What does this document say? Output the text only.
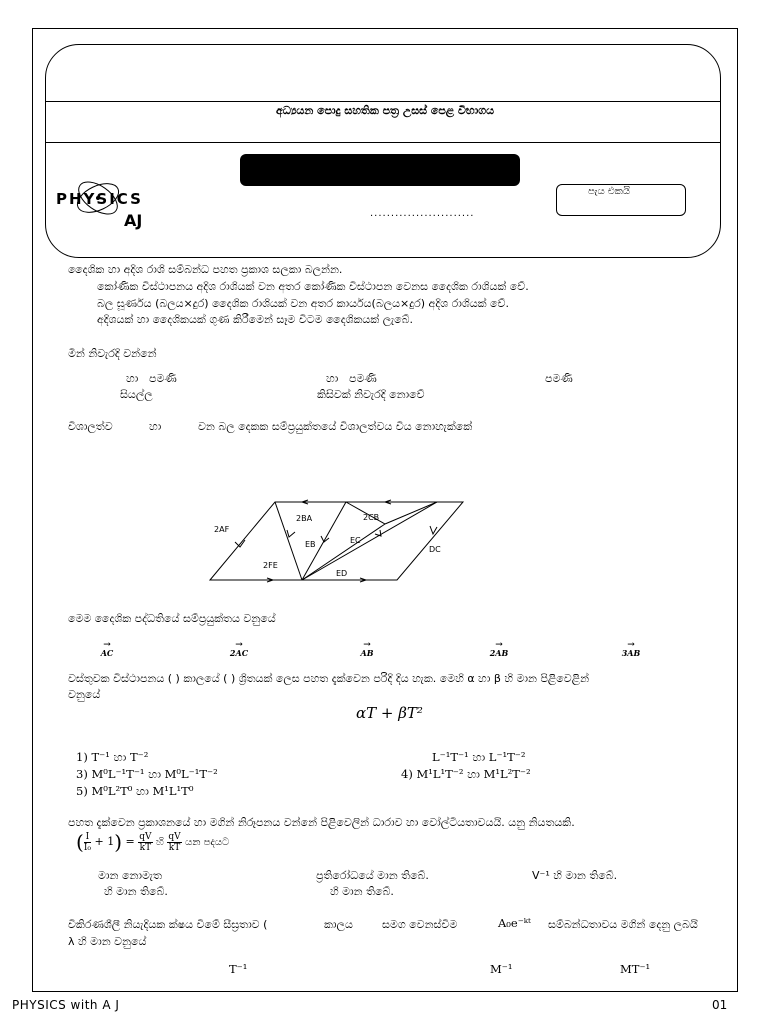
අධ්‍යයන පොදු සහතික පත්‍ර උසස් පෙළ විභාගය
.........................
AJ
PHYSICS	පැය එකයි
දෛශික හා අදිශ රාශි සම්බන්ධ පහත ප්‍රකාශ සලකා බලන්න.
කෝණික විස්ථාපනය අදිශ රාශියක් වන අතර කෝණික විස්ථාපන වෙනස දෛශික රාශියක් වේ.
බල ඝූර්ණය (බලය×දුර) දෛශික රාශියක් වන අතර කාර්යය(බලය×දුර) අදිශ රාශියක් වේ.
අදිශයක් හා දෛශිකයක් ගුණ කිරීමෙන් සෑම විටම දෛශිකයක් ලැබේ.
මින් නිවැරදි වන්නේ
හා පමණි	හා පමණි	පමණි
සියල්ල	කිසිවක් නිවැරදි නොවේ
විශාලත්ව	හා	වන බල දෙකක සම්ප්‍රයුක්තයේ විශාලත්වය විය නොහැක්කේ
2AF
2BA	2CB
EB	EC
DC
2FE
ED
මෙම දෛශික පද්ධතියේ සම්ප්‍රයුක්තය වනුයේ
→
AC
→
2AC
→
AB
→
2AB
→
3AB
වස්තුවක විස්ථාපනය ( ) කාලයේ ( ) ශ්‍රිතයක් ලෙස පහත දැක්වෙන පරිදි දිය හැක. මෙහි α හා β හි මාන පිළිවෙළින්
වනුයේ
αT + βT²
1) T⁻¹ හා T⁻²	L⁻¹T⁻¹ හා L⁻¹T⁻²
3) M⁰L⁻¹T⁻¹ හා M⁰L⁻¹T⁻²	4) M¹L¹T⁻² හා M¹L²T⁻²
5) M⁰L²T⁰ හා M¹L¹T⁰
පහත දැක්වෙන ප්‍රකාශනයේ හා මගින් නිරූපනය වන්නේ පිළිවෙලින් ධාරාව හා වෝල්ටීයතාවයයි. යනු නියතයකි.
( $\frac{I}{\text{I₀}} + 1) = \frac{qV}{kT}$ හි $\frac{qV}{kT}$ යන පදයට
මාන නොමැත	ප්‍රතිරෝධයේ මාන තිබේ.	V⁻¹ හි මාන තිබේ.
හි මාන තිබේ.	හි මාන තිබේ.
විකිරණශීලී නියැදියක ක්ෂය වීමේ සීඝ්‍රතාව (	කාලය	සමග වෙනස්වීම	A₀e⁻ᵏᵗ සම්බන්ධතාවය මගින් දෙනු ලබයි
λ හි මාන වනුයේ
T⁻¹	M⁻¹	MT⁻¹
PHYSICS with A J	01
